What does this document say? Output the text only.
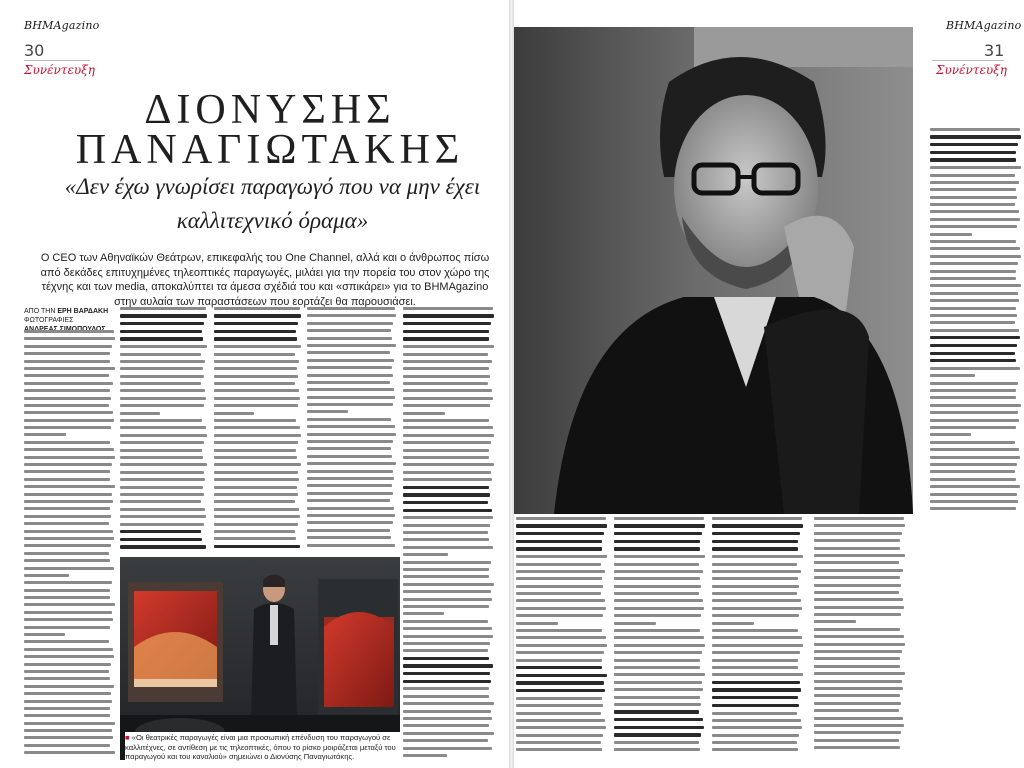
BHMAgazino
30
Συνέντευξη
ΔΙΟΝΥΣΗΣ ΠΑΝΑΓΙΩΤΑΚΗΣ
«Δεν έχω γνωρίσει παραγωγό που να μην έχει καλλιτεχνικό όραμα»
Ο CEO των Αθηναϊκών Θεάτρων, επικεφαλής του One Channel, αλλά και ο άνθρωπος πίσω από δεκάδες επιτυχημένες τηλεοπτικές παραγωγές, μιλάει για την πορεία του στον χώρο της τέχνης και των media, αποκαλύπτει τα άμεσα σχέδιά του και «σπικάρει» για το BHMAgazino στην αυλαία των παραστάσεων που εορτάζει θα παρουσιάσει.
ΑΠΟ ΤΗΝ ΕΡΗ ΒΑΡΔΑΚΗ
ΦΩΤΟΓΡΑΦΙΕΣ
■ «Οι θεατρικές παραγωγές είναι μια προσωπική επένδυση του παραγωγού σε καλλιτέχνες, σε αντίθεση με τις τηλεοπτικές, όπου το ρίσκο μοιράζεται μεταξύ του παραγωγού και του καναλιού» σημειώνει ο Διονύσης Παναγιωτάκης.
BHMAgazino
31
Συνέντευξη
